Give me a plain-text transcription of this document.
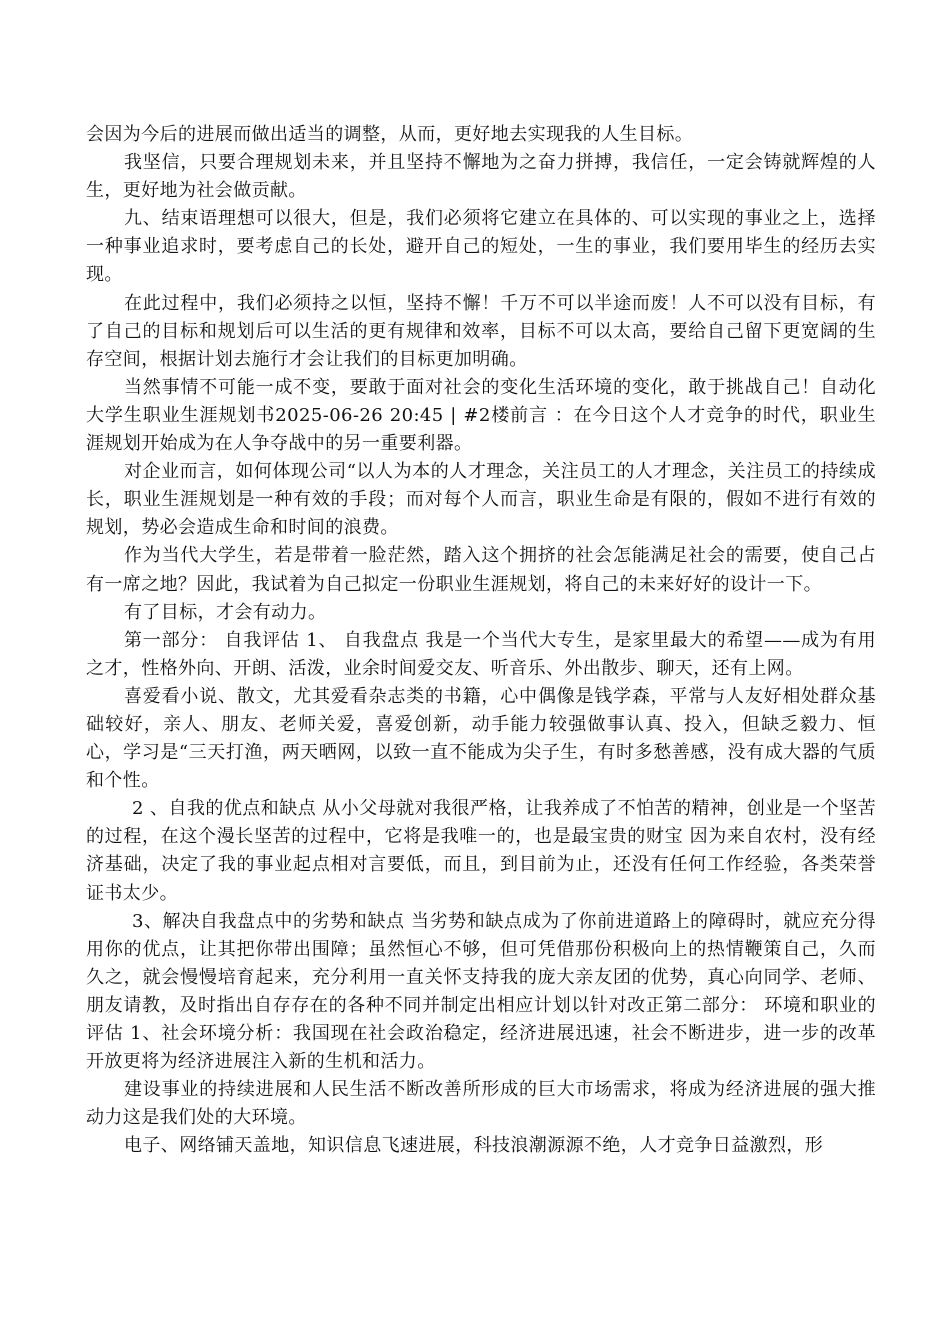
会因为今后的进展而做出适当的调整，从而，更好地去实现我的人生目标。

我坚信，只要合理规划未来，并且坚持不懈地为之奋力拼搏，我信任，一定会铸就辉煌的人生，更好地为社会做贡献。

九、结束语理想可以很大，但是，我们必须将它建立在具体的、可以实现的事业之上，选择一种事业追求时，要考虑自己的长处，避开自己的短处，一生的事业，我们要用毕生的经历去实现。

在此过程中，我们必须持之以恒，坚持不懈！千万不可以半途而废！人不可以没有目标，有了自己的目标和规划后可以生活的更有规律和效率，目标不可以太高，要给自己留下更宽阔的生存空间，根据计划去施行才会让我们的目标更加明确。

当然事情不可能一成不变，要敢于面对社会的变化生活环境的变化，敢于挑战自己！自动化 大学生职业生涯规划书2025-06-26 20:45 | #2楼前言 ：在今日这个人才竞争的时代，职业生涯规划开始成为在人争夺战中的另一重要利器。

对企业而言，如何体现公司“以人为本的人才理念，关注员工的人才理念，关注员工的持续成长，职业生涯规划是一种有效的手段；而对每个人而言，职业生命是有限的，假如不进行有效的规划，势必会造成生命和时间的浪费。

作为当代大学生，若是带着一脸茫然，踏入这个拥挤的社会怎能满足社会的需要，使自己占有一席之地？因此，我试着为自己拟定一份职业生涯规划，将自己的未来好好的设计一下。

有了目标，才会有动力。

第一部分： 自我评估 1、 自我盘点 我是一个当代大专生，是家里最大的希望——成为有用之才，性格外向、开朗、活泼，业余时间爱交友、听音乐、外出散步、聊天，还有上网。

喜爱看小说、散文，尤其爱看杂志类的书籍，心中偶像是钱学森，平常与人友好相处群众基础较好，亲人、朋友、老师关爱，喜爱创新，动手能力较强做事认真、投入，但缺乏毅力、恒心，学习是“三天打渔，两天晒网，以致一直不能成为尖子生，有时多愁善感，没有成大器的气质和个性。

2 、自我的优点和缺点 从小父母就对我很严格，让我养成了不怕苦的精神，创业是一个坚苦的过程，在这个漫长坚苦的过程中，它将是我唯一的，也是最宝贵的财宝 因为来自农村，没有经济基础，决定了我的事业起点相对言要低，而且，到目前为止，还没有任何工作经验，各类荣誉证书太少。

3、解决自我盘点中的劣势和缺点 当劣势和缺点成为了你前进道路上的障碍时，就应充分得用你的优点，让其把你带出围障；虽然恒心不够，但可凭借那份积极向上的热情鞭策自己，久而久之，就会慢慢培育起来，充分利用一直关怀支持我的庞大亲友团的优势，真心向同学、老师、朋友请教，及时指出自存存在的各种不同并制定出相应计划以针对改正第二部分： 环境和职业的评估 1、社会环境分析：我国现在社会政治稳定，经济进展迅速，社会不断进步，进一步的改革开放更将为经济进展注入新的生机和活力。

建设事业的持续进展和人民生活不断改善所形成的巨大市场需求，将成为经济进展的强大推动力这是我们处的大环境。

电子、网络铺天盖地，知识信息飞速进展，科技浪潮源源不绝，人才竞争日益激烈，形
